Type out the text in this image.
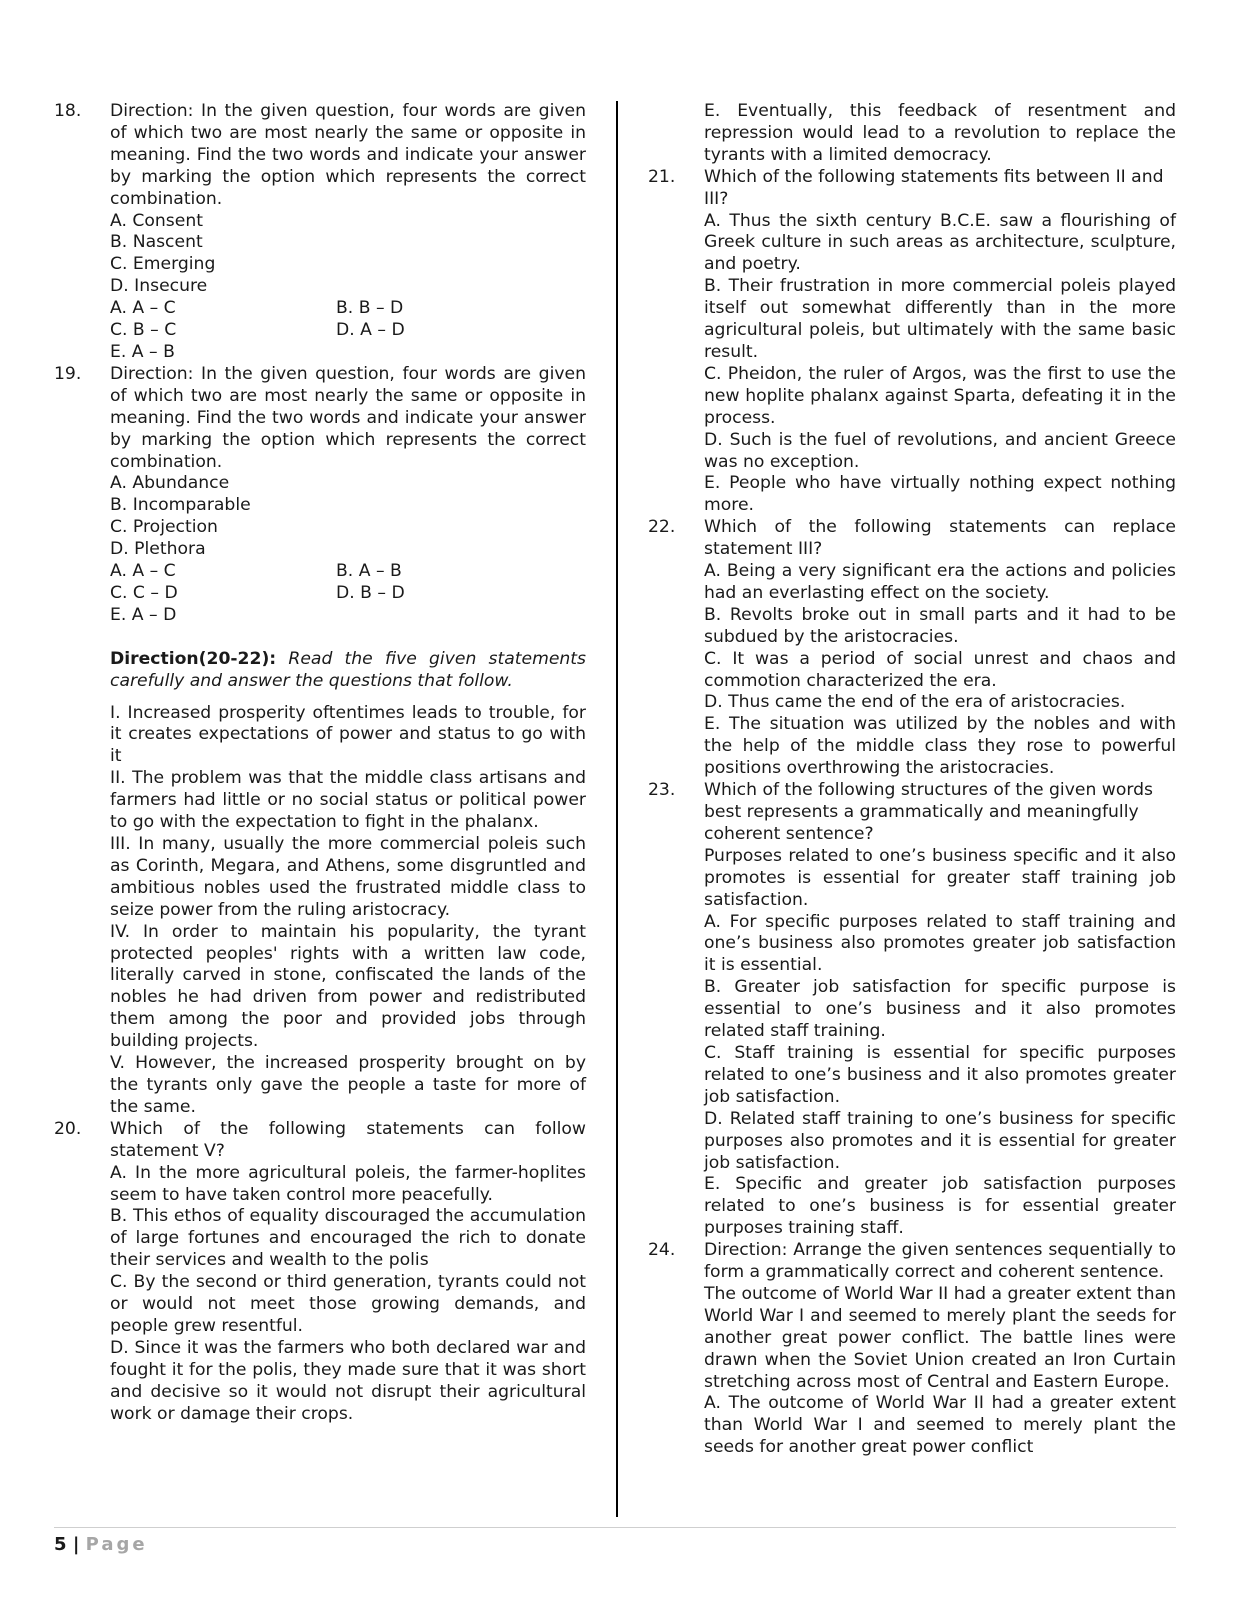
18.	Direction: In the given question, four words are given of which two are most nearly the same or opposite in meaning. Find the two words and indicate your answer by marking the option which represents the correct combination.
A. Consent
B. Nascent
C. Emerging
D. Insecure
A. A – C	B. B – D
C. B – C	D. A – D
E. A – B
19.	Direction: In the given question, four words are given of which two are most nearly the same or opposite in meaning. Find the two words and indicate your answer by marking the option which represents the correct combination.
A. Abundance
B. Incomparable
C. Projection
D. Plethora
A. A – C	B. A – B
C. C – D	D. B – D
E. A – D
Direction(20-22): Read the five given statements carefully and answer the questions that follow.
I. Increased prosperity oftentimes leads to trouble, for it creates expectations of power and status to go with it
II. The problem was that the middle class artisans and farmers had little or no social status or political power to go with the expectation to fight in the phalanx.
III. In many, usually the more commercial poleis such as Corinth, Megara, and Athens, some disgruntled and ambitious nobles used the frustrated middle class to seize power from the ruling aristocracy.
IV. In order to maintain his popularity, the tyrant protected peoples' rights with a written law code, literally carved in stone, confiscated the lands of the nobles he had driven from power and redistributed them among the poor and provided jobs through building projects.
V. However, the increased prosperity brought on by the tyrants only gave the people a taste for more of the same.
20.	Which of the following statements can follow statement V?
A. In the more agricultural poleis, the farmer-hoplites seem to have taken control more peacefully.
B. This ethos of equality discouraged the accumulation of large fortunes and encouraged the rich to donate their services and wealth to the polis
C. By the second or third generation, tyrants could not or would not meet those growing demands, and people grew resentful.
D. Since it was the farmers who both declared war and fought it for the polis, they made sure that it was short and decisive so it would not disrupt their agricultural work or damage their crops.
E. Eventually, this feedback of resentment and repression would lead to a revolution to replace the tyrants with a limited democracy.
21.	Which of the following statements fits between II and III?
A. Thus the sixth century B.C.E. saw a flourishing of Greek culture in such areas as architecture, sculpture, and poetry.
B. Their frustration in more commercial poleis played itself out somewhat differently than in the more agricultural poleis, but ultimately with the same basic result.
C. Pheidon, the ruler of Argos, was the first to use the new hoplite phalanx against Sparta, defeating it in the process.
D. Such is the fuel of revolutions, and ancient Greece was no exception.
E. People who have virtually nothing expect nothing more.
22.	Which of the following statements can replace statement III?
A. Being a very significant era the actions and policies had an everlasting effect on the society.
B. Revolts broke out in small parts and it had to be subdued by the aristocracies.
C. It was a period of social unrest and chaos and commotion characterized the era.
D. Thus came the end of the era of aristocracies.
E. The situation was utilized by the nobles and with the help of the middle class they rose to powerful positions overthrowing the aristocracies.
23.	Which of the following structures of the given words best represents a grammatically and meaningfully coherent sentence?
Purposes related to one’s business specific and it also promotes is essential for greater staff training job satisfaction.
A. For specific purposes related to staff training and one’s business also promotes greater job satisfaction it is essential.
B. Greater job satisfaction for specific purpose is essential to one’s business and it also promotes related staff training.
C. Staff training is essential for specific purposes related to one’s business and it also promotes greater job satisfaction.
D. Related staff training to one’s business for specific purposes also promotes and it is essential for greater job satisfaction.
E. Specific and greater job satisfaction purposes related to one’s business is for essential greater purposes training staff.
24.	Direction: Arrange the given sentences sequentially to form a grammatically correct and coherent sentence.
The outcome of World War II had a greater extent than World War I and seemed to merely plant the seeds for another great power conflict. The battle lines were drawn when the Soviet Union created an Iron Curtain stretching across most of Central and Eastern Europe.
A. The outcome of World War II had a greater extent than World War I and seemed to merely plant the seeds for another great power conflict
5 | Page
